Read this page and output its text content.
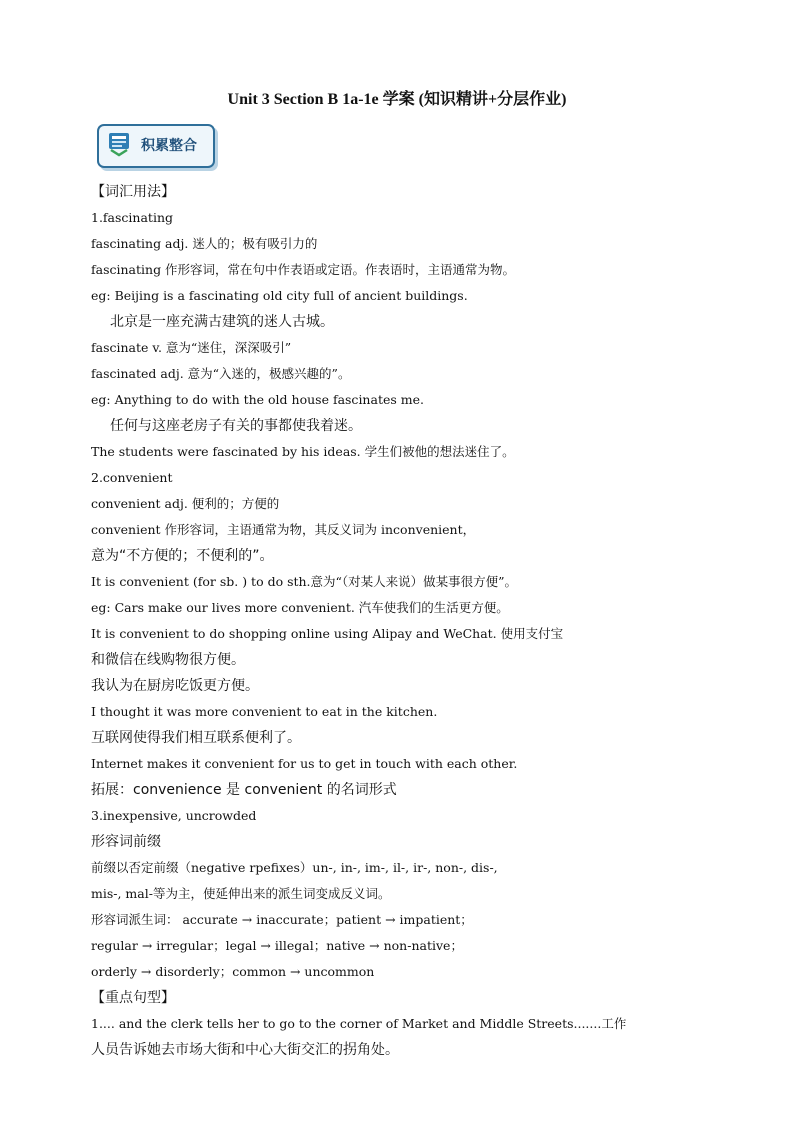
Unit 3 Section B 1a-1e 学案 (知识精讲+分层作业)
积累整合
【词汇用法】
1.fascinating
fascinating adj. 迷人的；极有吸引力的
fascinating 作形容词，常在句中作表语或定语。作表语时，主语通常为物。
eg: Beijing is a fascinating old city full of ancient buildings.
北京是一座充满古建筑的迷人古城。
fascinate v. 意为“迷住，深深吸引”
fascinated adj. 意为“入迷的，极感兴趣的”。
eg: Anything to do with the old house fascinates me.
任何与这座老房子有关的事都使我着迷。
The students were fascinated by his ideas. 学生们被他的想法迷住了。
2.convenient
convenient adj. 便利的；方便的
convenient 作形容词，主语通常为物，其反义词为 inconvenient，
意为“不方便的；不便利的”。
It is convenient (for sb. ) to do sth.意为“（对某人来说）做某事很方便”。
eg: Cars make our lives more convenient. 汽车使我们的生活更方便。
It is convenient to do shopping online using Alipay and WeChat. 使用支付宝
和微信在线购物很方便。
我认为在厨房吃饭更方便。
I thought it was more convenient to eat in the kitchen.
互联网使得我们相互联系便利了。
Internet makes it convenient for us to get in touch with each other.
拓展：convenience 是 convenient 的名词形式
3.inexpensive, uncrowded
形容词前缀
前缀以否定前缀（negative rpefixes）un-, in-, im-, il-, ir-, non-, dis-,
mis-, mal-等为主，使延伸出来的派生词变成反义词。
形容词派生词： accurate → inaccurate；patient → impatient；
regular → irregular；legal → illegal；native → non-native；
orderly → disorderly；common → uncommon
【重点句型】
1.... and the clerk tells her to go to the corner of Market and Middle Streets.......工作
人员告诉她去市场大街和中心大街交汇的拐角处。
